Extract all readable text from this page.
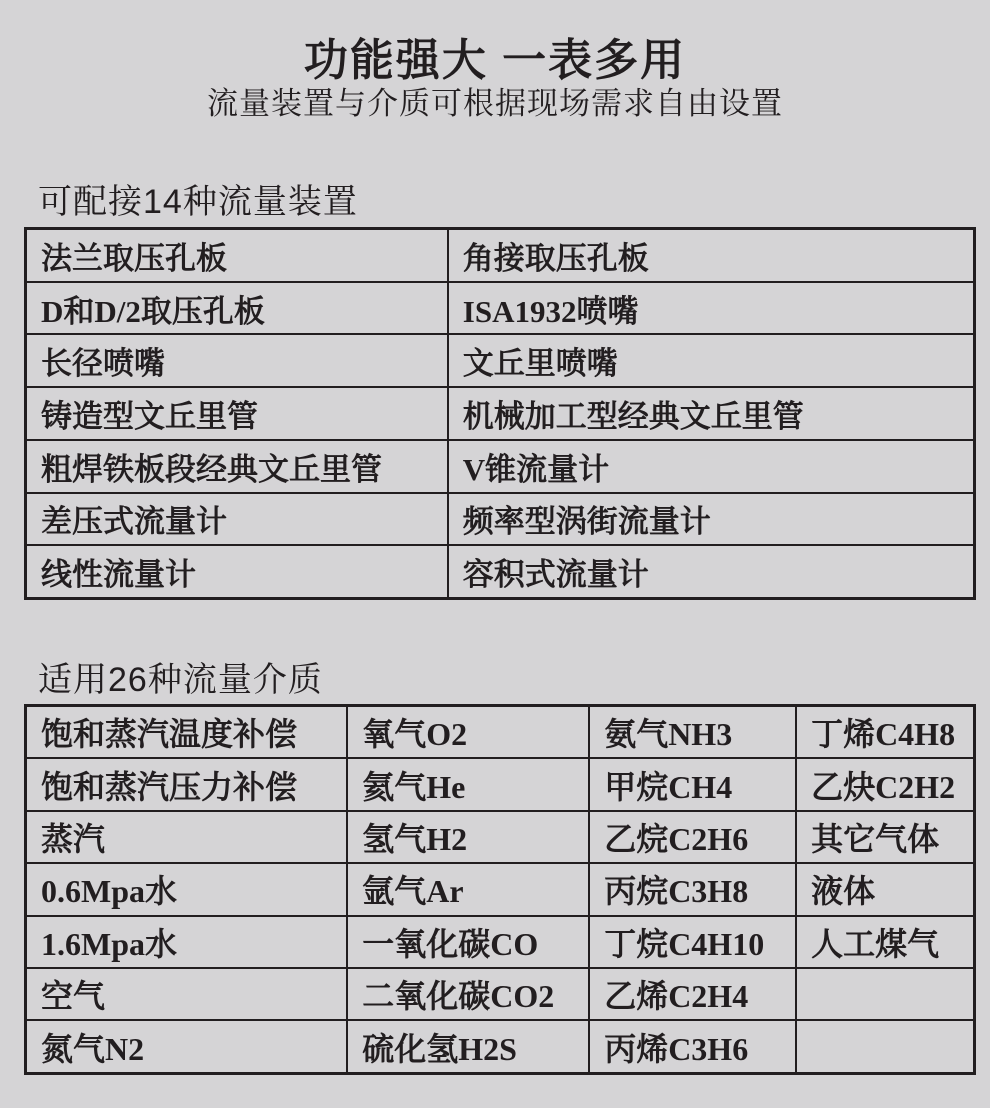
功能强大 一表多用
流量装置与介质可根据现场需求自由设置
可配接14种流量装置
法兰取压孔板	角接取压孔板
D和D/2取压孔板	ISA1932喷嘴
长径喷嘴	文丘里喷嘴
铸造型文丘里管	机械加工型经典文丘里管
粗焊铁板段经典文丘里管	V锥流量计
差压式流量计	频率型涡街流量计
线性流量计	容积式流量计
适用26种流量介质
饱和蒸汽温度补偿	氧气O2	氨气NH3	丁烯C4H8
饱和蒸汽压力补偿	氦气He	甲烷CH4	乙炔C2H2
蒸汽	氢气H2	乙烷C2H6	其它气体
0.6Mpa水	氩气Ar	丙烷C3H8	液体
1.6Mpa水	一氧化碳CO	丁烷C4H10	人工煤气
空气	二氧化碳CO2	乙烯C2H4	
氮气N2	硫化氢H2S	丙烯C3H6	
